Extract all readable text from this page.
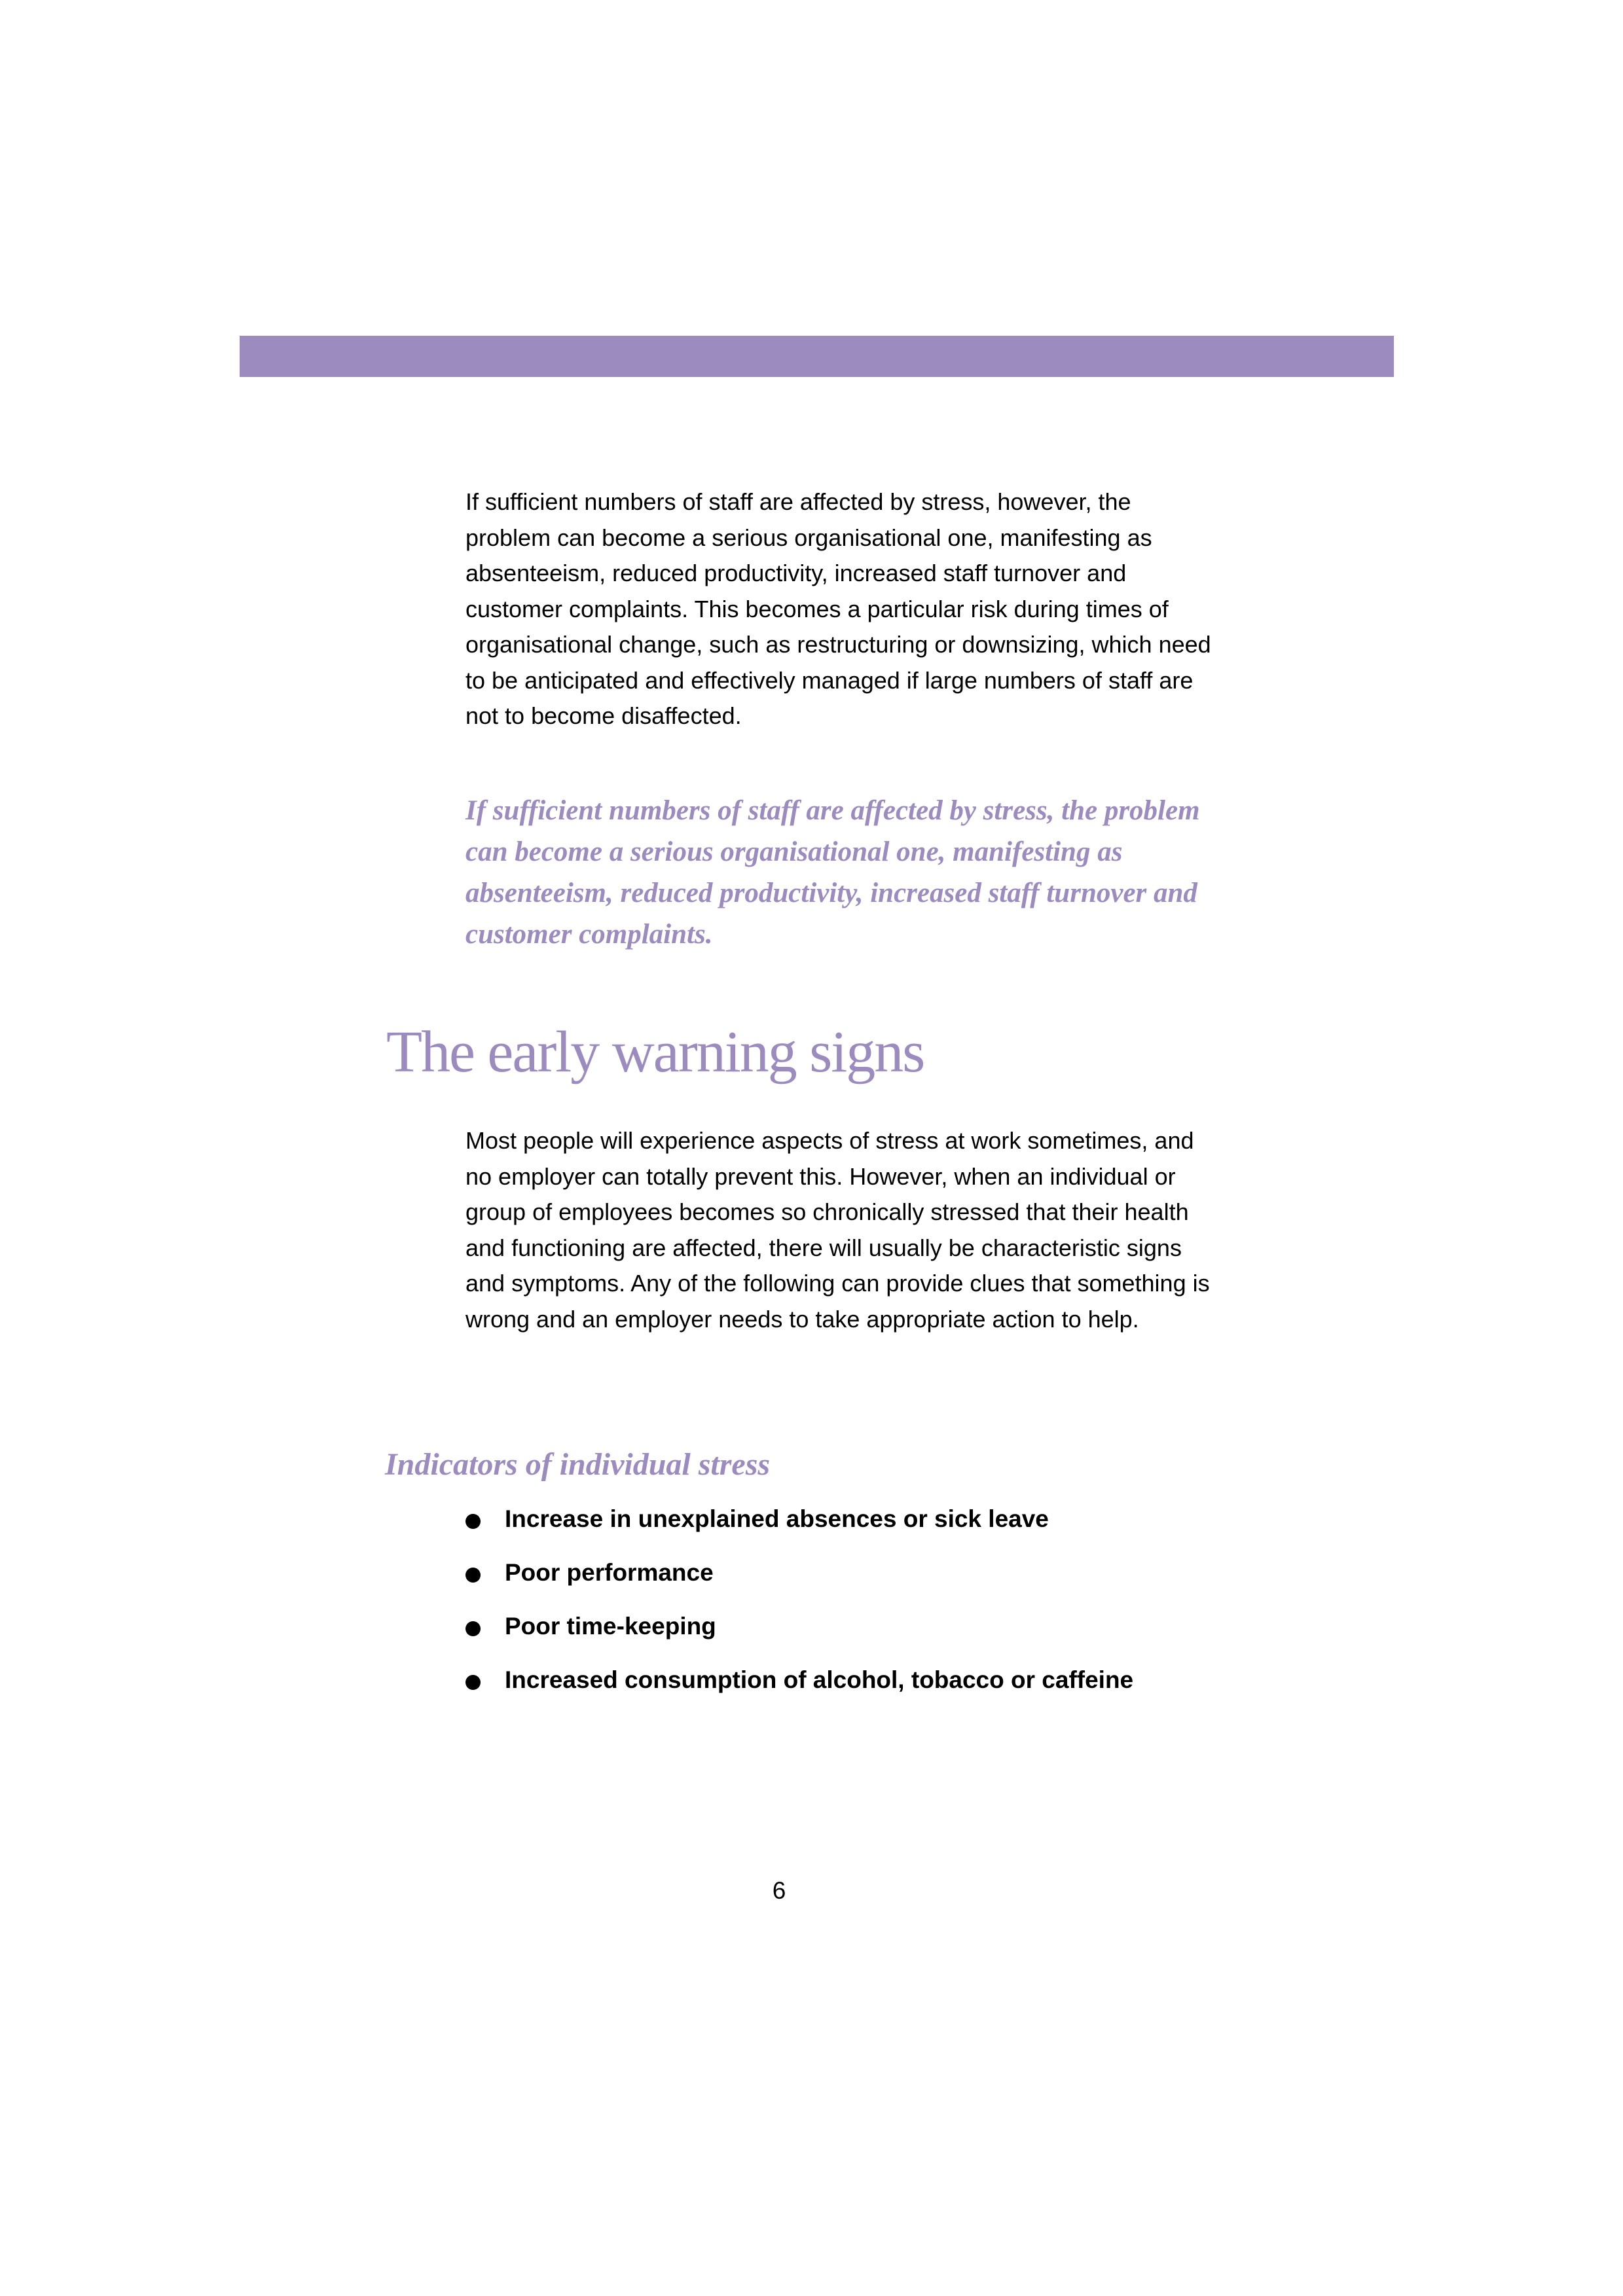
If sufficient numbers of staff are affected by stress, however, the problem can become a serious organisational one, manifesting as absenteeism, reduced productivity, increased staff turnover and customer complaints. This becomes a particular risk during times of organisational change, such as restructuring or downsizing, which need to be anticipated and effectively managed if large numbers of staff are not to become disaffected.

If sufficient numbers of staff are affected by stress, the problem can become a serious organisational one, manifesting as absenteeism, reduced productivity, increased staff turnover and customer complaints.

The early warning signs

Most people will experience aspects of stress at work sometimes, and no employer can totally prevent this. However, when an individual or group of employees becomes so chronically stressed that their health and functioning are affected, there will usually be characteristic signs and symptoms. Any of the following can provide clues that something is wrong and an employer needs to take appropriate action to help.

Indicators of individual stress
Increase in unexplained absences or sick leave
Poor performance
Poor time-keeping
Increased consumption of alcohol, tobacco or caffeine
6
